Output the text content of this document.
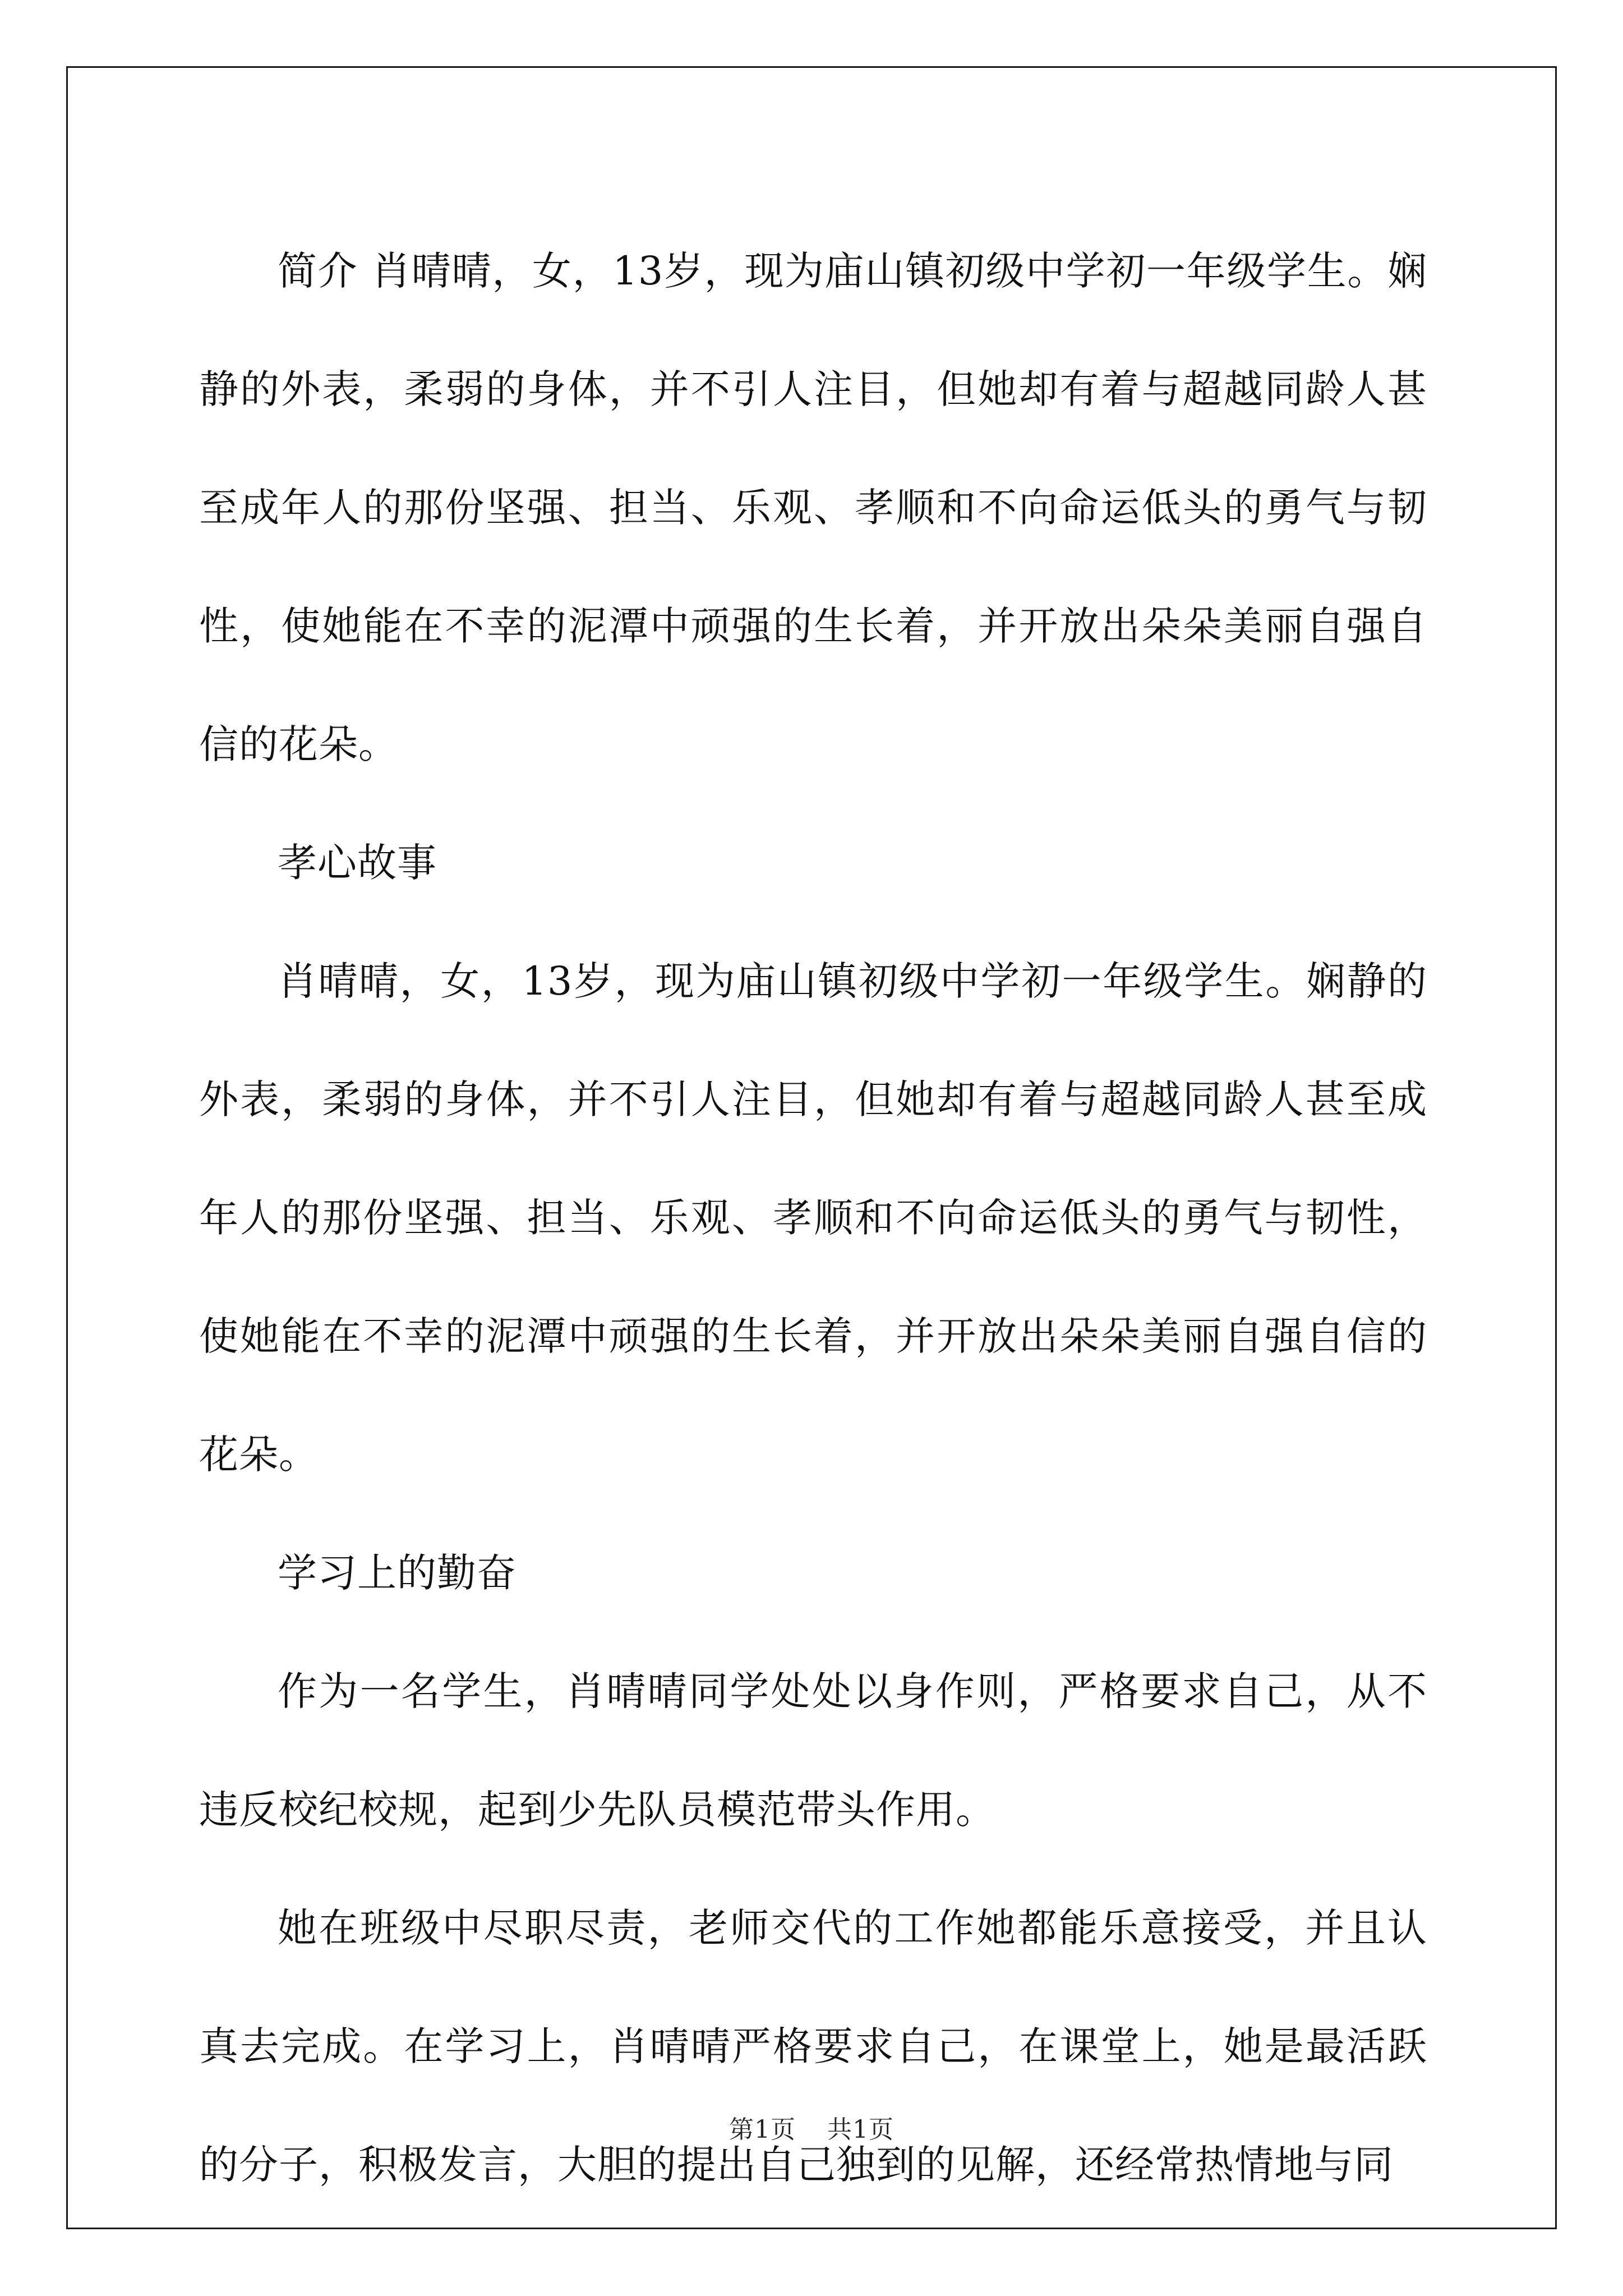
简介 肖晴晴，女，13岁，现为庙山镇初级中学初一年级学生。娴静的外表，柔弱的身体，并不引人注目，但她却有着与超越同龄人甚至成年人的那份坚强、担当、乐观、孝顺和不向命运低头的勇气与韧性，使她能在不幸的泥潭中顽强的生长着，并开放出朵朵美丽自强自信的花朵。

孝心故事

肖晴晴，女，13岁，现为庙山镇初级中学初一年级学生。娴静的外表，柔弱的身体，并不引人注目，但她却有着与超越同龄人甚至成年人的那份坚强、担当、乐观、孝顺和不向命运低头的勇气与韧性，使她能在不幸的泥潭中顽强的生长着，并开放出朵朵美丽自强自信的花朵。

学习上的勤奋

作为一名学生，肖晴晴同学处处以身作则，严格要求自己，从不违反校纪校规，起到少先队员模范带头作用。

她在班级中尽职尽责，老师交代的工作她都能乐意接受，并且认真去完成。在学习上，肖晴晴严格要求自己，在课堂上，她是最活跃的分子，积极发言，大胆的提出自己独到的见解，还经常热情地与同

第1页 共1页
